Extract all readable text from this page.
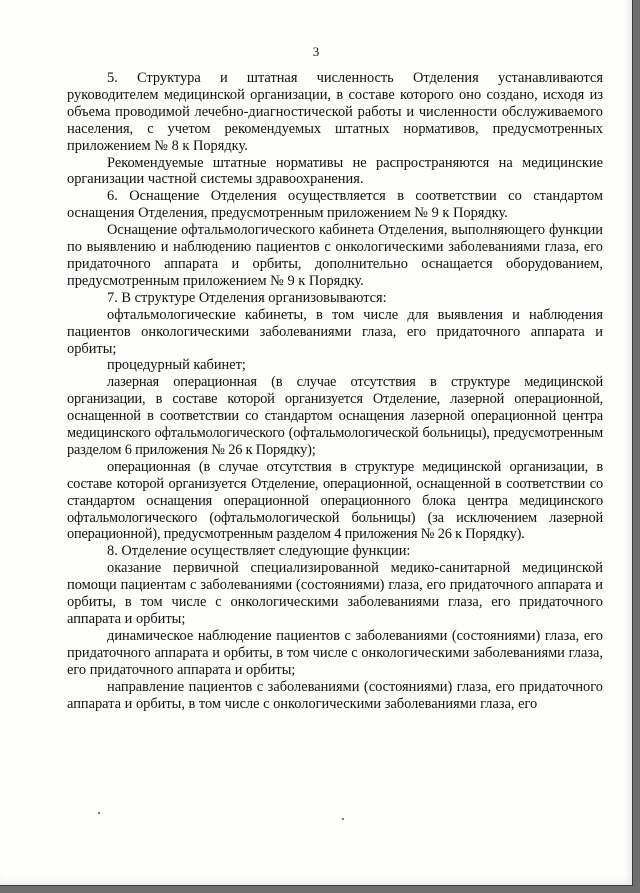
3

5. Структура и штатная численность Отделения устанавливаются руководителем медицинской организации, в составе которого оно создано, исходя из объема проводимой лечебно-диагностической работы и численности обслуживаемого населения, с учетом рекомендуемых штатных нормативов, предусмотренных приложением № 8 к Порядку.

Рекомендуемые штатные нормативы не распространяются на медицинские организации частной системы здравоохранения.

6. Оснащение Отделения осуществляется в соответствии со стандартом оснащения Отделения, предусмотренным приложением № 9 к Порядку.

Оснащение офтальмологического кабинета Отделения, выполняющего функции по выявлению и наблюдению пациентов с онкологическими заболеваниями глаза, его придаточного аппарата и орбиты, дополнительно оснащается оборудованием, предусмотренным приложением № 9 к Порядку.

7. В структуре Отделения организовываются:

офтальмологические кабинеты, в том числе для выявления и наблюдения пациентов онкологическими заболеваниями глаза, его придаточного аппарата и орбиты;

процедурный кабинет;

лазерная операционная (в случае отсутствия в структуре медицинской организации, в составе которой организуется Отделение, лазерной операционной, оснащенной в соответствии со стандартом оснащения лазерной операционной центра медицинского офтальмологического (офтальмологической больницы), предусмотренным разделом 6 приложения № 26 к Порядку);

операционная (в случае отсутствия в структуре медицинской организации, в составе которой организуется Отделение, операционной, оснащенной в соответствии со стандартом оснащения операционной операционного блока центра медицинского офтальмологического (офтальмологической больницы) (за исключением лазерной операционной), предусмотренным разделом 4 приложения № 26 к Порядку).

8. Отделение осуществляет следующие функции:

оказание первичной специализированной медико-санитарной медицинской помощи пациентам с заболеваниями (состояниями) глаза, его придаточного аппарата и орбиты, в том числе с онкологическими заболеваниями глаза, его придаточного аппарата и орбиты;

динамическое наблюдение пациентов с заболеваниями (состояниями) глаза, его придаточного аппарата и орбиты, в том числе с онкологическими заболеваниями глаза, его придаточного аппарата и орбиты;

направление пациентов с заболеваниями (состояниями) глаза, его придаточного аппарата и орбиты, в том числе с онкологическими заболеваниями глаза, его
